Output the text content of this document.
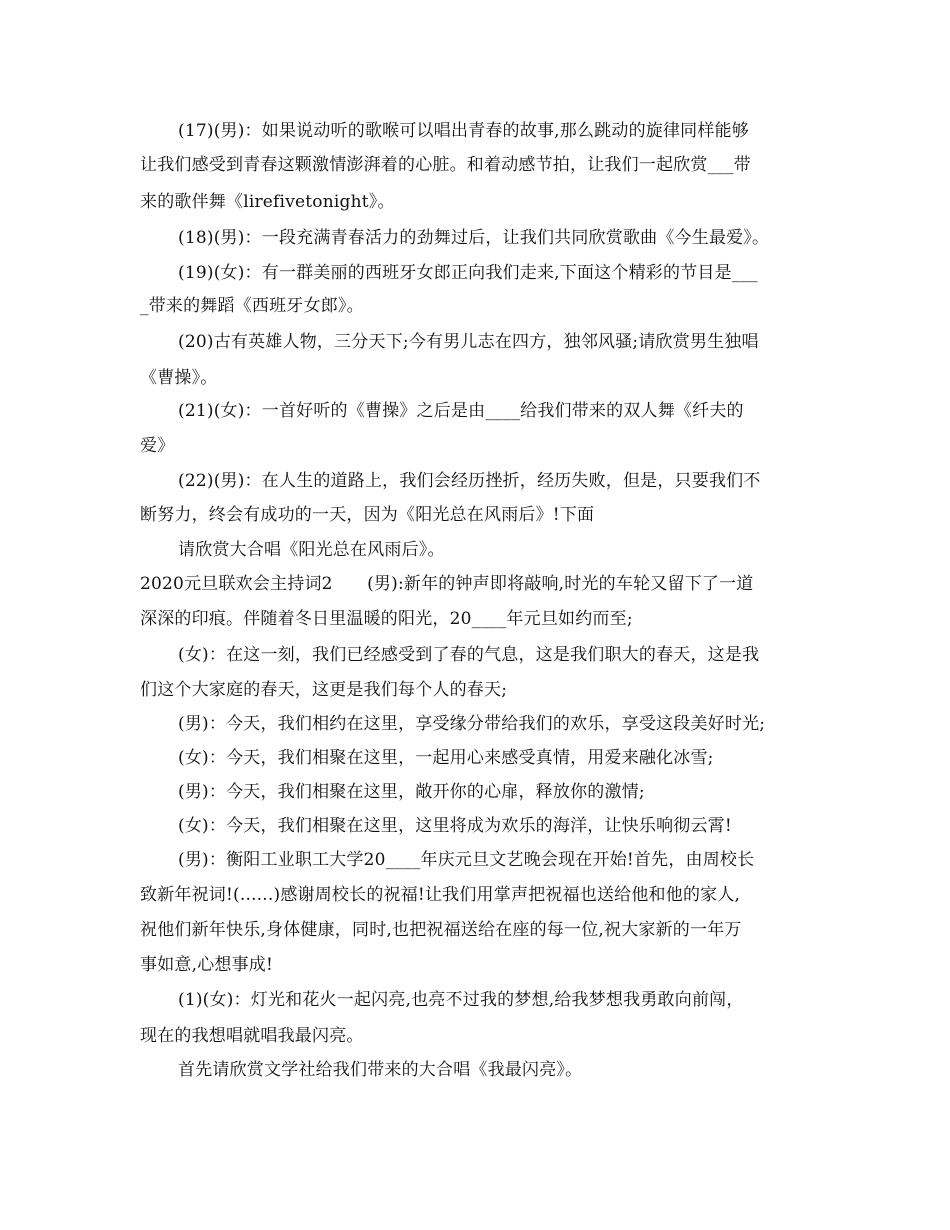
(17)(男)：如果说动听的歌喉可以唱出青春的故事,那么跳动的旋律同样能够
让我们感受到青春这颗激情澎湃着的心脏。和着动感节拍，让我们一起欣赏___带
来的歌伴舞《lirefivetonight》。
(18)(男)：一段充满青春活力的劲舞过后，让我们共同欣赏歌曲《今生最爱》。
(19)(女)：有一群美丽的西班牙女郎正向我们走来,下面这个精彩的节目是___
_带来的舞蹈《西班牙女郎》。
(20)古有英雄人物，三分天下;今有男儿志在四方，独邻风骚;请欣赏男生独唱
《曹操》。
(21)(女)：一首好听的《曹操》之后是由____给我们带来的双人舞《纤夫的
爱》
(22)(男)：在人生的道路上，我们会经历挫折，经历失败，但是，只要我们不
断努力，终会有成功的一天，因为《阳光总在风雨后》!下面
请欣赏大合唱《阳光总在风雨后》。
2020元旦联欢会主持词2　　(男):新年的钟声即将敲响,时光的车轮又留下了一道
深深的印痕。伴随着冬日里温暖的阳光，20____年元旦如约而至;
(女)：在这一刻，我们已经感受到了春的气息，这是我们职大的春天，这是我
们这个大家庭的春天，这更是我们每个人的春天;
(男)：今天，我们相约在这里，享受缘分带给我们的欢乐，享受这段美好时光;
(女)：今天，我们相聚在这里，一起用心来感受真情，用爱来融化冰雪;
(男)：今天，我们相聚在这里，敞开你的心扉，释放你的激情;
(女)：今天，我们相聚在这里，这里将成为欢乐的海洋，让快乐响彻云霄!
(男)：衡阳工业职工大学20____年庆元旦文艺晚会现在开始!首先，由周校长
致新年祝词!(......)感谢周校长的祝福!让我们用掌声把祝福也送给他和他的家人,
祝他们新年快乐,身体健康，同时,也把祝福送给在座的每一位,祝大家新的一年万
事如意,心想事成!
(1)(女)：灯光和花火一起闪亮,也亮不过我的梦想,给我梦想我勇敢向前闯，
现在的我想唱就唱我最闪亮。
首先请欣赏文学社给我们带来的大合唱《我最闪亮》。
